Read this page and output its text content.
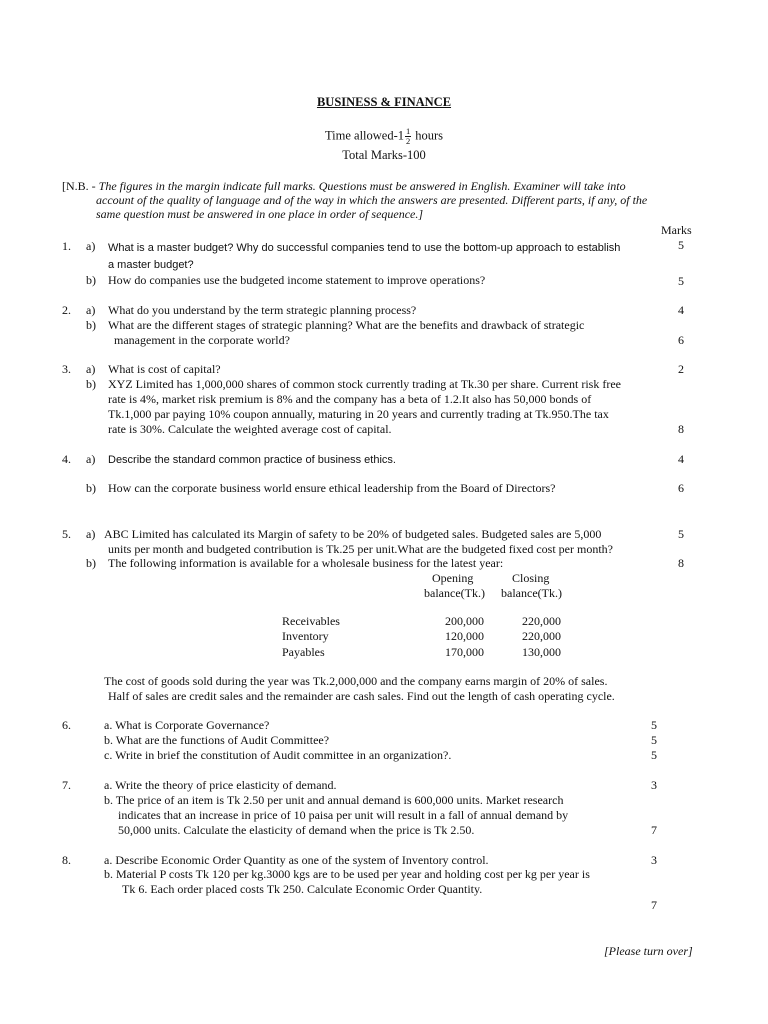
BUSINESS & FINANCE
Time allowed-1 $\frac{1}{2}$ hours
Total Marks-100
[N.B. - The figures in the margin indicate full marks. Questions must be answered in English. Examiner will take into
account of the quality of language and of the way in which the answers are presented. Different parts, if any, of the
same question must be answered in one place in order of sequence.]
Marks
1. a) What is a master budget? Why do successful companies tend to use the bottom-up approach to establish
a master budget?
5
b) How do companies use the budgeted income statement to improve operations?	5
2. a) What do you understand by the term strategic planning process?	4
b) What are the different stages of strategic planning? What are the benefits and drawback of strategic
management in the corporate world?	6
3. a) What is cost of capital?	2
b) XYZ Limited has 1,000,000 shares of common stock currently trading at Tk.30 per share. Current risk free
rate is 4%, market risk premium is 8% and the company has a beta of 1.2.It also has 50,000 bonds of
Tk.1,000 par paying 10% coupon annually, maturing in 20 years and currently trading at Tk.950.The tax
rate is 30%. Calculate the weighted average cost of capital.	8
4. a) Describe the standard common practice of business ethics.	4
b) How can the corporate business world ensure ethical leadership from the Board of Directors?	6
5. a) ABC Limited has calculated its Margin of safety to be 20% of budgeted sales. Budgeted sales are 5,000
units per month and budgeted contribution is Tk.25 per unit.What are the budgeted fixed cost per month?
5
b) The following information is available for a wholesale business for the latest year:	8
Opening	Closing
balance(Tk.) balance(Tk.)
Receivables	200,000	220,000
Inventory	120,000	220,000
Payables	170,000	130,000
The cost of goods sold during the year was Tk.2,000,000 and the company earns margin of 20% of sales.
Half of sales are credit sales and the remainder are cash sales. Find out the length of cash operating cycle.
6.	a. What is Corporate Governance?	5
b. What are the functions of Audit Committee?	5
c. Write in brief the constitution of Audit committee in an organization?.	5
7.	a. Write the theory of price elasticity of demand.	3
b. The price of an item is Tk 2.50 per unit and annual demand is 600,000 units. Market research
indicates that an increase in price of 10 paisa per unit will result in a fall of annual demand by
50,000 units. Calculate the elasticity of demand when the price is Tk 2.50.	7
8.	a. Describe Economic Order Quantity as one of the system of Inventory control.	3
b. Material P costs Tk 120 per kg.3000 kgs are to be used per year and holding cost per kg per year is
Tk 6. Each order placed costs Tk 250. Calculate Economic Order Quantity.
7
[Please turn over]
